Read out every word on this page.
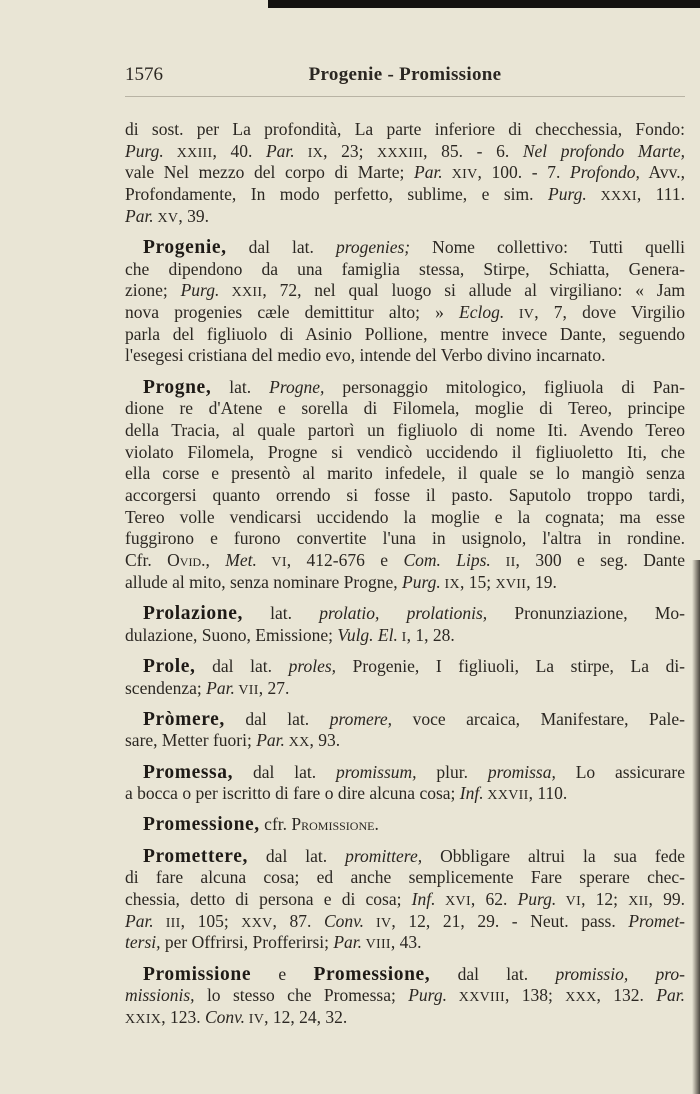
1576	Progenie - Promissione
di sost. per La profondità, La parte inferiore di checchessia, Fondo:
Purg. XXIII, 40. Par. IX, 23; XXXIII, 85. - 6. Nel profondo Marte,
vale Nel mezzo del corpo di Marte; Par. XIV, 100. - 7. Profondo, Avv.,
Profondamente, In modo perfetto, sublime, e sim. Purg. XXXI, 111.
Par. XV, 39.
Progenie, dal lat. progenies; Nome collettivo: Tutti quelli
che dipendono da una famiglia stessa, Stirpe, Schiatta, Genera-
zione; Purg. XXII, 72, nel qual luogo si allude al virgiliano: « Jam
nova progenies cæle demittitur alto; » Eclog. IV, 7, dove Virgilio
parla del figliuolo di Asinio Pollione, mentre invece Dante, seguendo
l'esegesi cristiana del medio evo, intende del Verbo divino incarnato.
Progne, lat. Progne, personaggio mitologico, figliuola di Pan-
dione re d'Atene e sorella di Filomela, moglie di Tereo, principe
della Tracia, al quale partorì un figliuolo di nome Iti. Avendo Tereo
violato Filomela, Progne si vendicò uccidendo il figliuoletto Iti, che
ella corse e presentò al marito infedele, il quale se lo mangiò senza
accorgersi quanto orrendo si fosse il pasto. Saputolo troppo tardi,
Tereo volle vendicarsi uccidendo la moglie e la cognata; ma esse
fuggirono e furono convertite l'una in usignolo, l'altra in rondine.
Cfr. Ovid., Met. VI, 412-676 e Com. Lips. II, 300 e seg. Dante
allude al mito, senza nominare Progne, Purg. IX, 15; XVII, 19.
Prolazione, lat. prolatio, prolationis, Pronunziazione, Mo-
dulazione, Suono, Emissione; Vulg. El. I, 1, 28.
Prole, dal lat. proles, Progenie, I figliuoli, La stirpe, La di-
scendenza; Par. VII, 27.
Pròmere, dal lat. promere, voce arcaica, Manifestare, Pale-
sare, Metter fuori; Par. XX, 93.
Promessa, dal lat. promissum, plur. promissa, Lo assicurare
a bocca o per iscritto di fare o dire alcuna cosa; Inf. XXVII, 110.
Promessione, cfr. Promissione.
Promettere, dal lat. promittere, Obbligare altrui la sua fede
di fare alcuna cosa; ed anche semplicemente Fare sperare chec-
chessia, detto di persona e di cosa; Inf. XVI, 62. Purg. VI, 12; XII, 99.
Par. III, 105; XXV, 87. Conv. IV, 12, 21, 29. - Neut. pass. Promet-
tersi, per Offrirsi, Profferirsi; Par. VIII, 43.
Promissione e Promessione, dal lat. promissio, pro-
missionis, lo stesso che Promessa; Purg. XXVIII, 138; XXX, 132. Par.
XXIX, 123. Conv. IV, 12, 24, 32.
